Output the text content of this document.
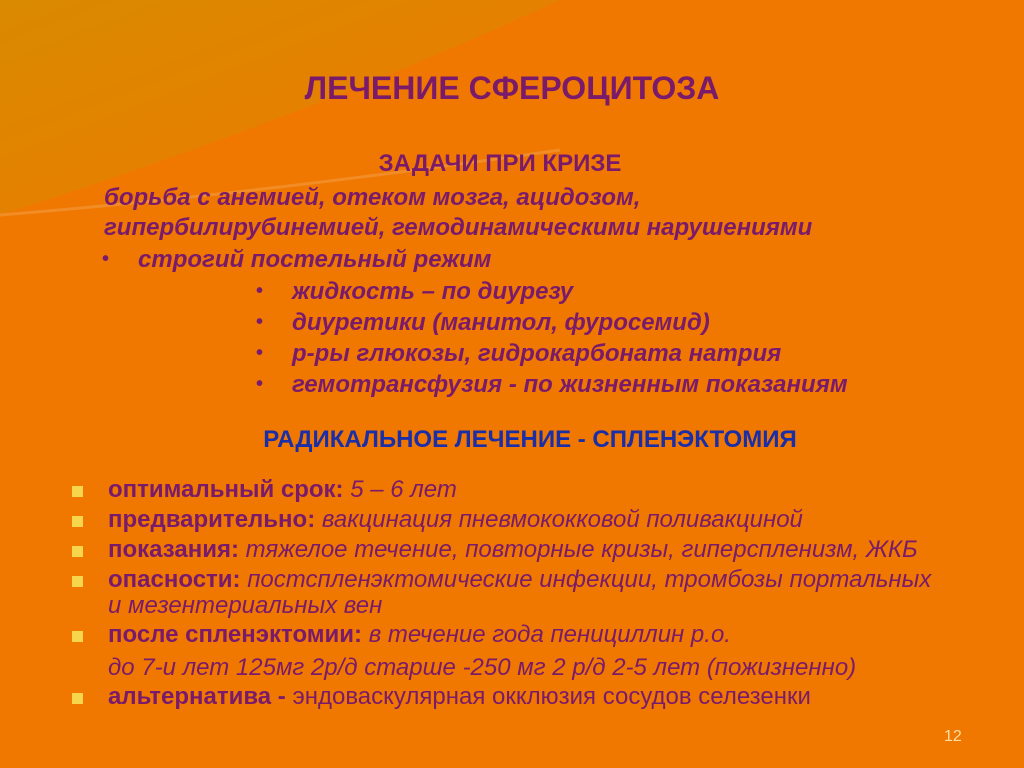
ЛЕЧЕНИЕ СФЕРОЦИТОЗА
ЗАДАЧИ ПРИ КРИЗЕ
борьба с анемией, отеком мозга, ацидозом,
гипербилирубинемией, гемодинамическими нарушениями
• строгий постельный режим
• жидкость – по диурезу
• диуретики (манитол, фуросемид)
• р-ры глюкозы, гидрокарбоната натрия
• гемотрансфузия - по жизненным показаниям
РАДИКАЛЬНОЕ ЛЕЧЕНИЕ - СПЛЕНЭКТОМИЯ
оптимальный срок: 5 – 6 лет
предварительно: вакцинация пневмококковой поливакциной
показания: тяжелое течение, повторные кризы, гиперспленизм, ЖКБ
опасности: постспленэктомические инфекции, тромбозы портальных
и мезентериальных вен
после спленэктомии: в течение года пенициллин р.о.
до 7-и лет 125мг 2р/д старше -250 мг 2 р/д 2-5 лет (пожизненно)
альтернатива - эндоваскулярная окклюзия сосудов селезенки
12
